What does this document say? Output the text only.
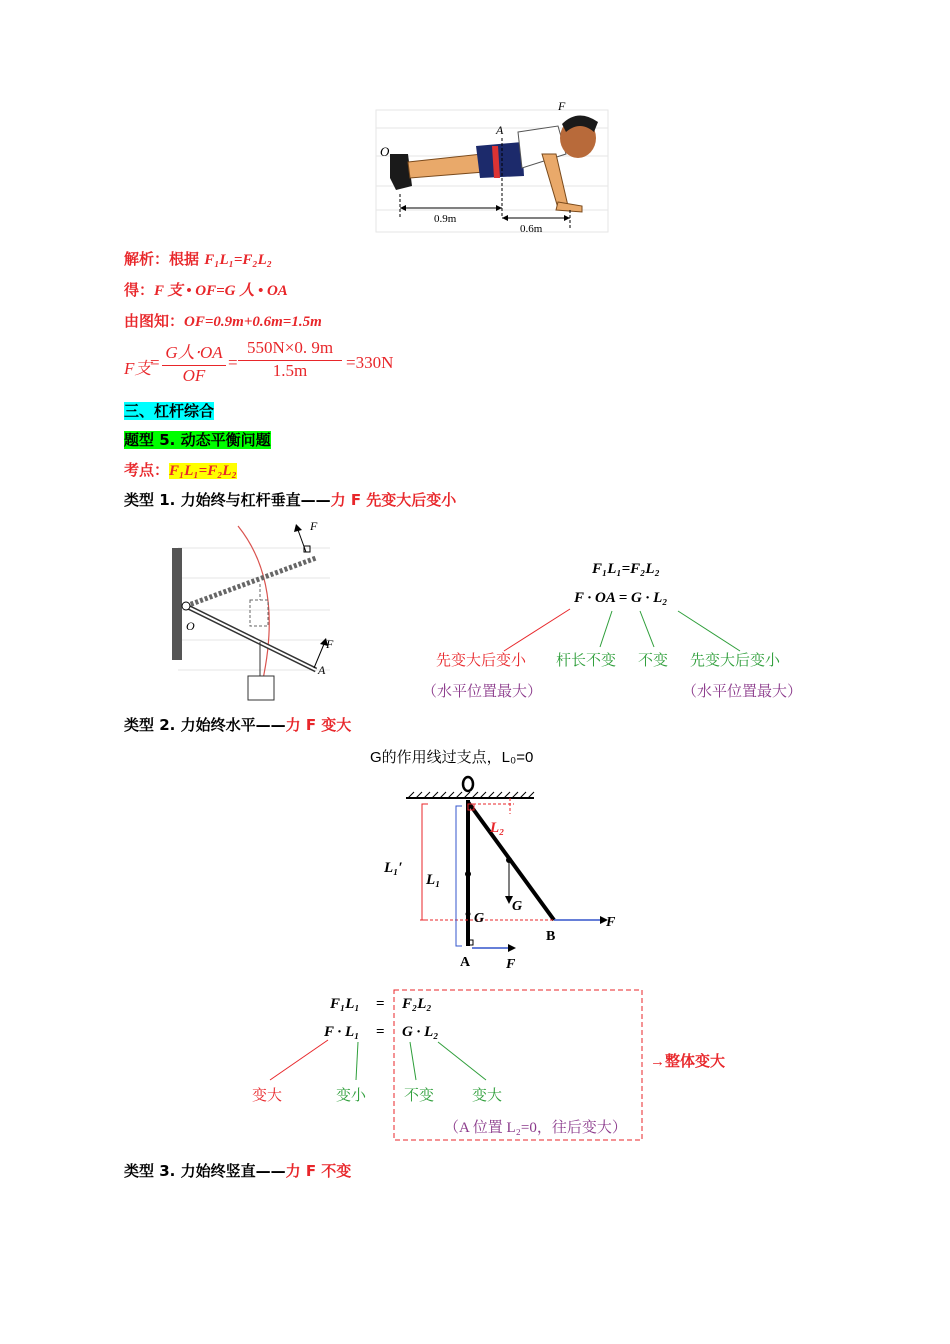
O
A
F
0.9m
0.6m
解析：根据 F₁L₁=F₂L₂
得：F 支 • OF=G 人 • OA
由图知：OF=0.9m+0.6m=1.5m
F支
=
G人⋅OA
OF
=
550N×0. 9m
1.5m	=330N
三、杠杆综合
题型 5. 动态平衡问题
考点：F₁L₁=F₂L₂
类型 1. 力始终与杠杆垂直——力 F 先变大后变小
O
A
F
F
F₁L₁=F₂L₂
F · OA = G · L₂
先变大后变小 杆长不变 不变 先变大后变小
（水平位置最大）	（水平位置最大）
类型 2. 力始终水平——力 F 变大
G的作用线过支点，L₀=0
L₁′
L₁
L₂
G
G
A
B
F
F
F₁L₁ = F₂L₂
F · L₁ = G · L₂
变大	变小	不变	变大
→整体变大
（A 位置 L₂=0，往后变大）
类型 3. 力始终竖直——力 F 不变
